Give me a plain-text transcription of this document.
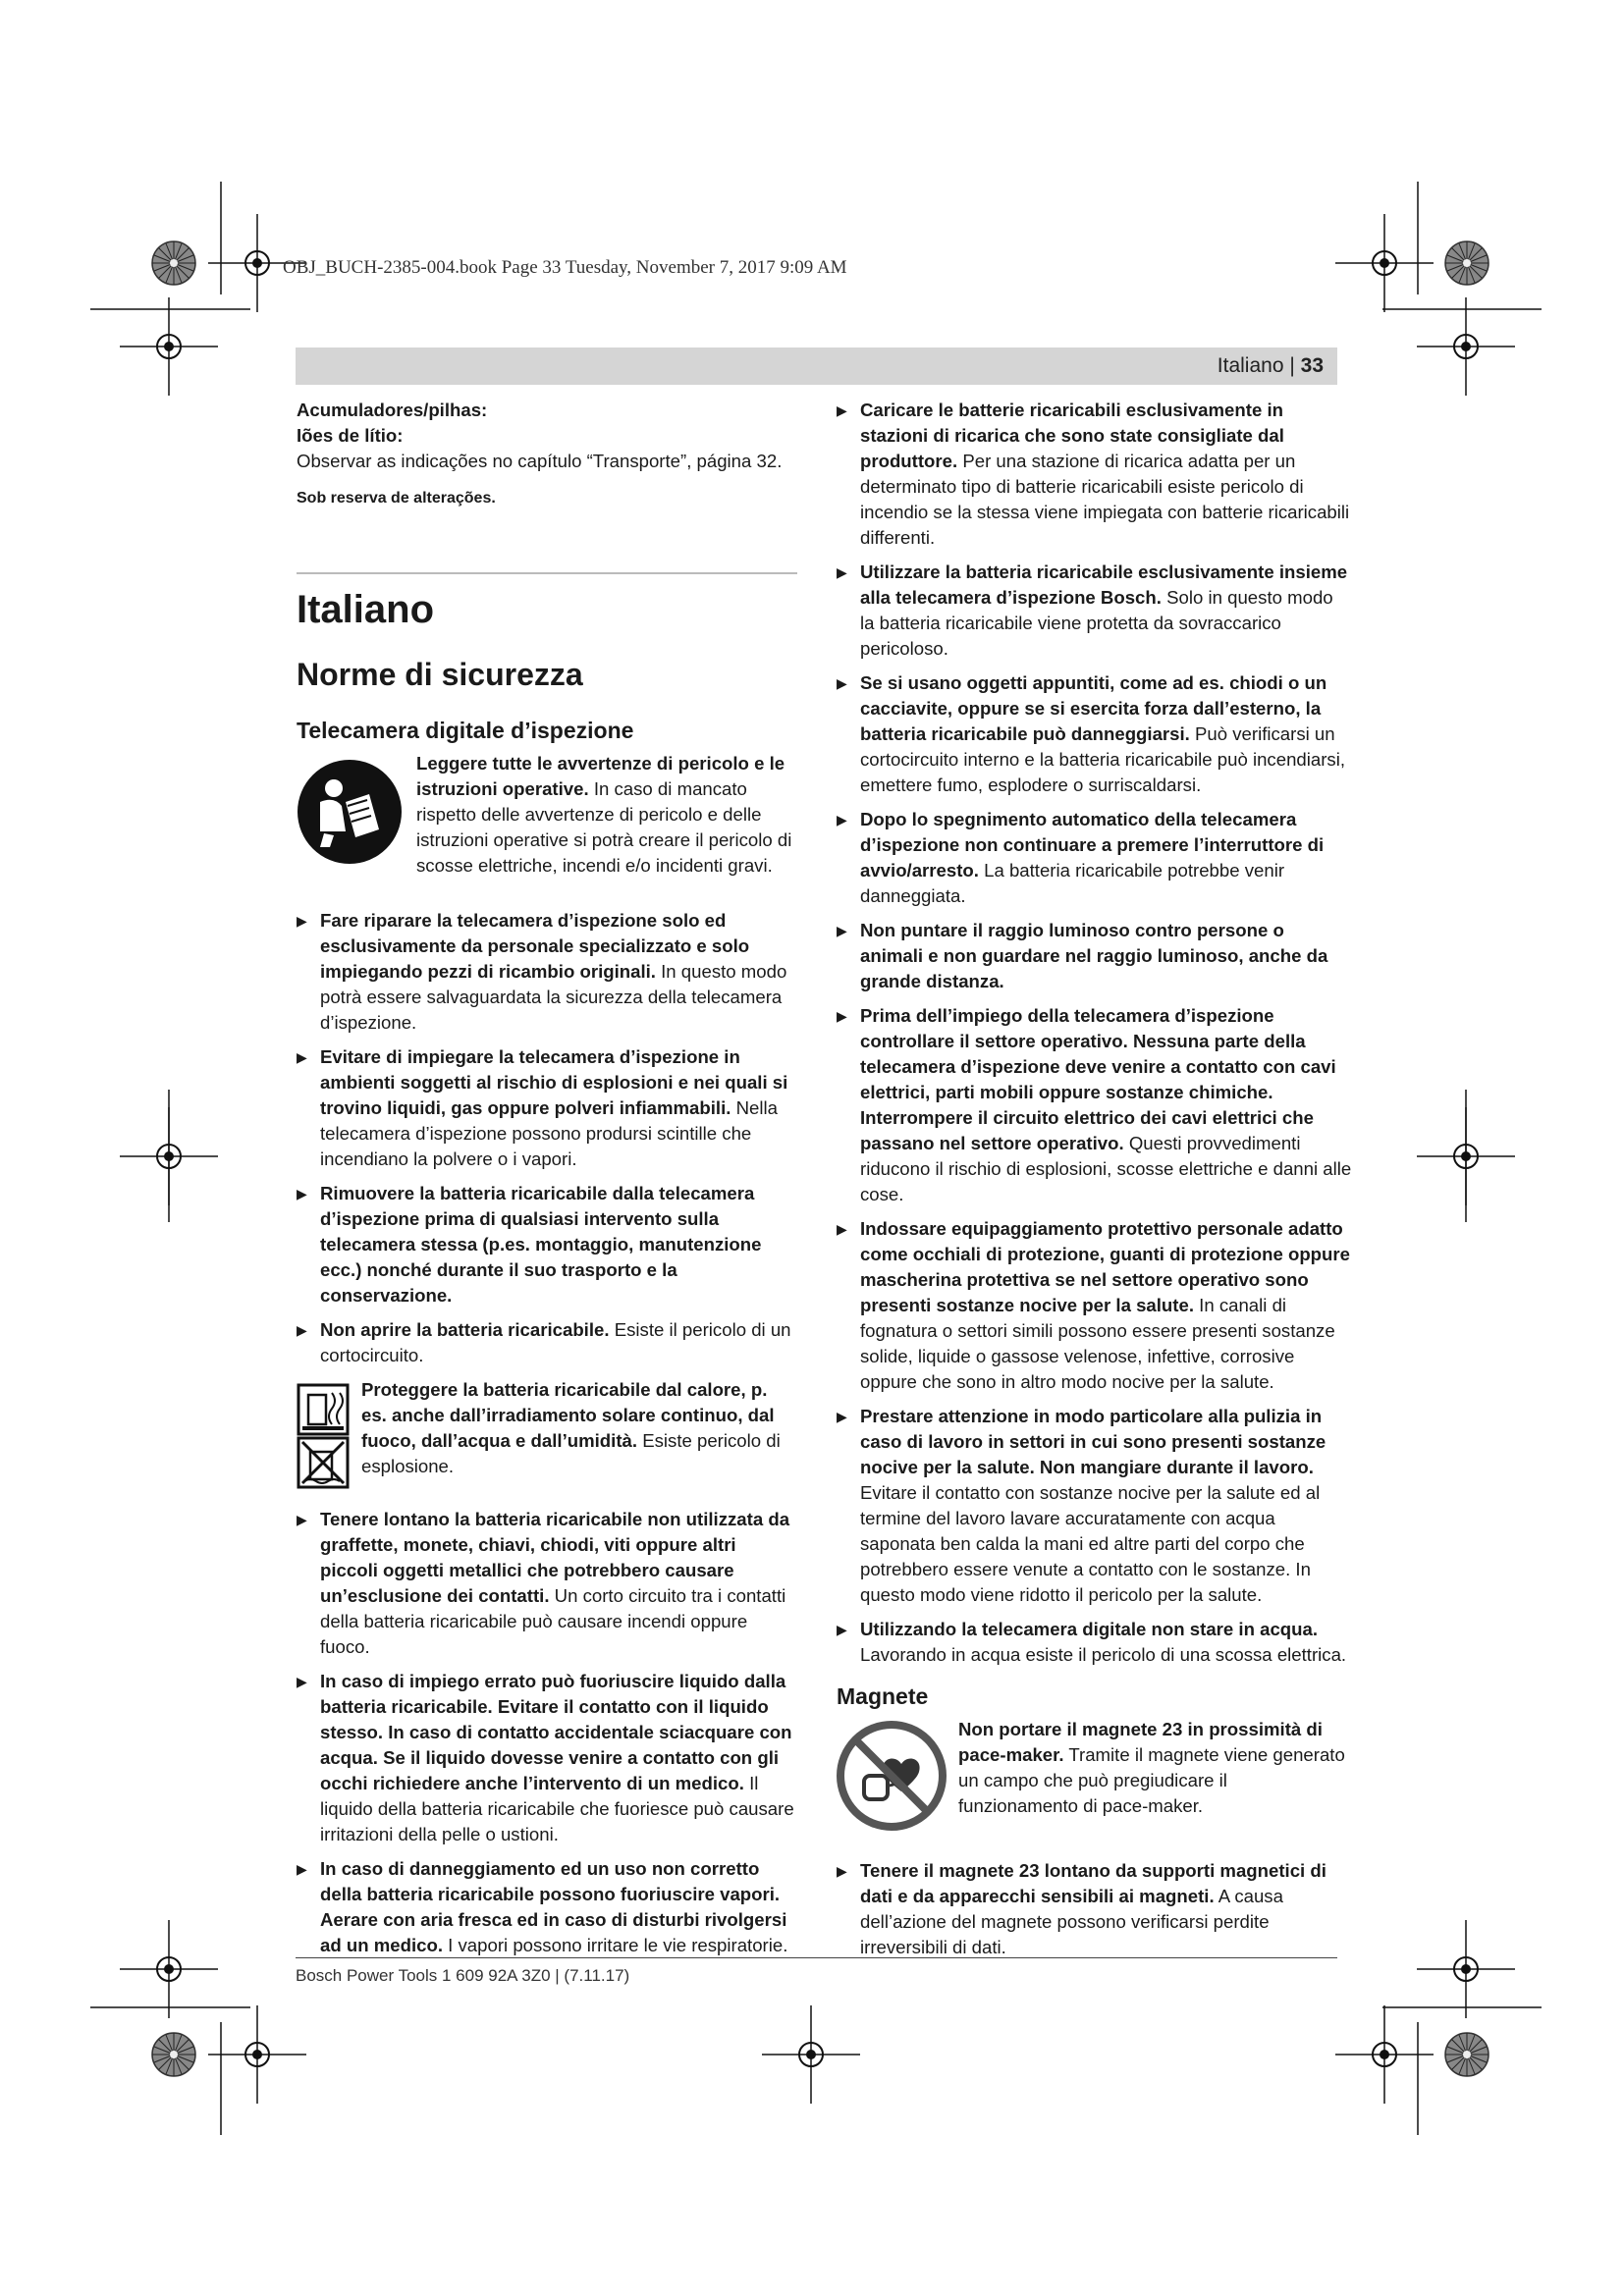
OBJ_BUCH-2385-004.book Page 33 Tuesday, November 7, 2017 9:09 AM
Italiano | 33

Acumuladores/pilhas:

Iões de lítio:

Observar as indicações no capítulo “Transporte”, página 32.

Sob reserva de alterações.

Italiano
Norme di sicurezza
Telecamera digitale d’ispezione
Leggere tutte le avvertenze di pericolo e le istruzioni operative. In caso di mancato rispetto delle avvertenze di pericolo e delle istruzioni operative si potrà creare il pericolo di scosse elettriche, incendi e/o incidenti gravi.
▶ Fare riparare la telecamera d’ispezione solo ed esclusivamente da personale specializzato e solo impiegando pezzi di ricambio originali. In questo modo potrà essere salvaguardata la sicurezza della telecamera d’ispezione.
▶ Evitare di impiegare la telecamera d’ispezione in ambienti soggetti al rischio di esplosioni e nei quali si trovino liquidi, gas oppure polveri infiammabili. Nella telecamera d’ispezione possono prodursi scintille che incendiano la polvere o i vapori.
▶ Rimuovere la batteria ricaricabile dalla telecamera d’ispezione prima di qualsiasi intervento sulla telecamera stessa (p.es. montaggio, manutenzione ecc.) nonché durante il suo trasporto e la conservazione.
▶ Non aprire la batteria ricaricabile. Esiste il pericolo di un cortocircuito.
Proteggere la batteria ricaricabile dal calore, p. es. anche dall’irradiamento solare continuo, dal fuoco, dall’acqua e dall’umidità. Esiste pericolo di esplosione.
▶ Tenere lontano la batteria ricaricabile non utilizzata da graffette, monete, chiavi, chiodi, viti oppure altri piccoli oggetti metallici che potrebbero causare un’esclusione dei contatti. Un corto circuito tra i contatti della batteria ricaricabile può causare incendi oppure fuoco.
▶ In caso di impiego errato può fuoriuscire liquido dalla batteria ricaricabile. Evitare il contatto con il liquido stesso. In caso di contatto accidentale sciacquare con acqua. Se il liquido dovesse venire a contatto con gli occhi richiedere anche l’intervento di un medico. Il liquido della batteria ricaricabile che fuoriesce può causare irritazioni della pelle o ustioni.
▶ In caso di danneggiamento ed un uso non corretto della batteria ricaricabile possono fuoriuscire vapori. Aerare con aria fresca ed in caso di disturbi rivolgersi ad un medico. I vapori possono irritare le vie respiratorie.
▶ Caricare le batterie ricaricabili esclusivamente in stazioni di ricarica che sono state consigliate dal produttore. Per una stazione di ricarica adatta per un determinato tipo di batterie ricaricabili esiste pericolo di incendio se la stessa viene impiegata con batterie ricaricabili differenti.
▶ Utilizzare la batteria ricaricabile esclusivamente insieme alla telecamera d’ispezione Bosch. Solo in questo modo la batteria ricaricabile viene protetta da sovraccarico pericoloso.
▶ Se si usano oggetti appuntiti, come ad es. chiodi o un cacciavite, oppure se si esercita forza dall’esterno, la batteria ricaricabile può danneggiarsi. Può verificarsi un cortocircuito interno e la batteria ricaricabile può incendiarsi, emettere fumo, esplodere o surriscaldarsi.
▶ Dopo lo spegnimento automatico della telecamera d’ispezione non continuare a premere l’interruttore di avvio/arresto. La batteria ricaricabile potrebbe venir danneggiata.
▶ Non puntare il raggio luminoso contro persone o animali e non guardare nel raggio luminoso, anche da grande distanza.
▶ Prima dell’impiego della telecamera d’ispezione controllare il settore operativo. Nessuna parte della telecamera d’ispezione deve venire a contatto con cavi elettrici, parti mobili oppure sostanze chimiche. Interrompere il circuito elettrico dei cavi elettrici che passano nel settore operativo. Questi provvedimenti riducono il rischio di esplosioni, scosse elettriche e danni alle cose.
▶ Indossare equipaggiamento protettivo personale adatto come occhiali di protezione, guanti di protezione oppure mascherina protettiva se nel settore operativo sono presenti sostanze nocive per la salute. In canali di fognatura o settori simili possono essere presenti sostanze solide, liquide o gassose velenose, infettive, corrosive oppure che sono in altro modo nocive per la salute.
▶ Prestare attenzione in modo particolare alla pulizia in caso di lavoro in settori in cui sono presenti sostanze nocive per la salute. Non mangiare durante il lavoro. Evitare il contatto con sostanze nocive per la salute ed al termine del lavoro lavare accuratamente con acqua saponata ben calda la mani ed altre parti del corpo che potrebbero essere venute a contatto con le sostanze. In questo modo viene ridotto il pericolo per la salute.
▶ Utilizzando la telecamera digitale non stare in acqua. Lavorando in acqua esiste il pericolo di una scossa elettrica.
Magnete
Non portare il magnete 23 in prossimità di pace-maker. Tramite il magnete viene generato un campo che può pregiudicare il funzionamento di pace-maker.
▶ Tenere il magnete 23 lontano da supporti magnetici di dati e da apparecchi sensibili ai magneti. A causa dell’azione del magnete possono verificarsi perdite irreversibili di dati.
Bosch Power Tools 1 609 92A 3Z0 | (7.11.17)
